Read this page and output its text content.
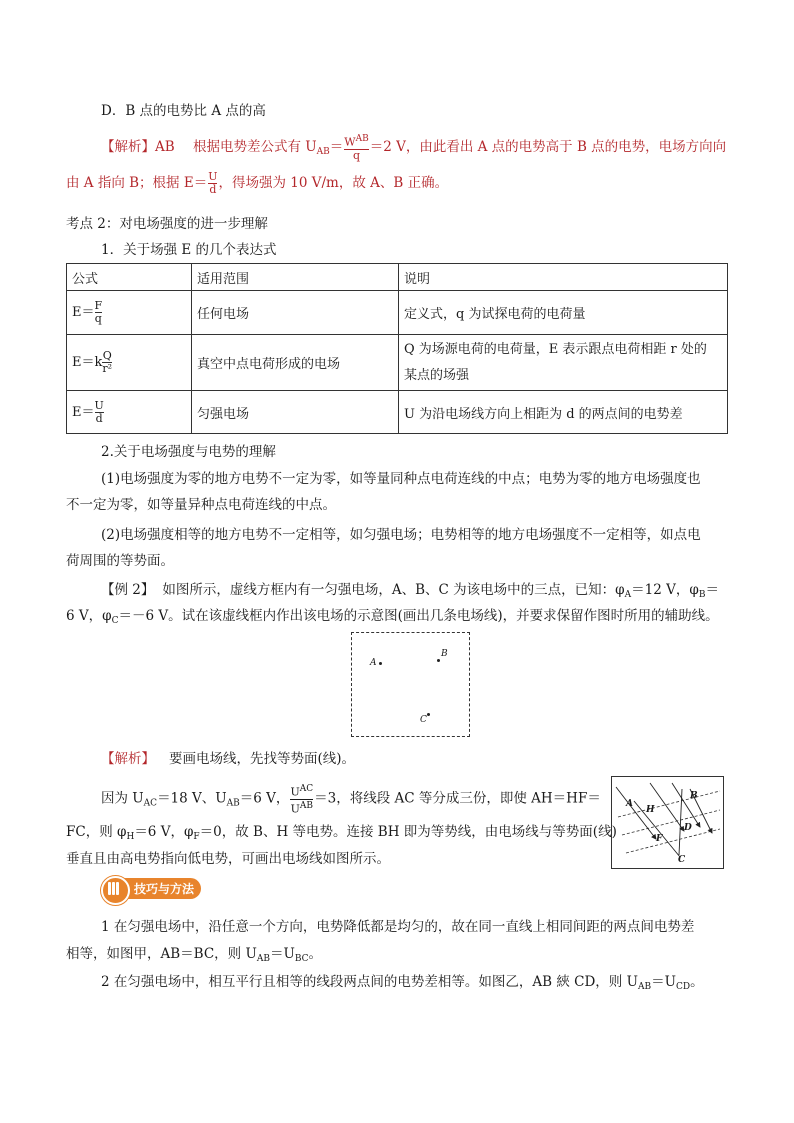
D．B 点的电势比 A 点的高
【解析】AB 根据电势差公式有 $U_{AB}= \frac{W^{AB}}{q} =2$ V，由此看出 A 点的电势高于 B 点的电势，电场方向向
由 A 指向 B；根据 $E= \frac{U}{d}$ ，得场强为 10 V/m，故 A、B 正确。
考点 2：对电场强度的进一步理解
1．关于场强 E 的几个表达式
公式	适用范围	说明
$E= \frac{F}{q}$	任何电场	定义式，q 为试探电荷的电荷量
$E=k \frac{Q}{\text{r²}}$	真空中点电荷形成的电场	Q 为场源电荷的电荷量，E 表示跟点电荷相距 r 处的
某点的场强
$E= \frac{U}{d}$	匀强电场	U 为沿电场线方向上相距为 d 的两点间的电势差
2.关于电场强度与电势的理解
(1)电场强度为零的地方电势不一定为零，如等量同种点电荷连线的中点；电势为零的地方电场强度也
不一定为零，如等量异种点电荷连线的中点。
(2)电场强度相等的地方电势不一定相等，如匀强电场；电势相等的地方电场强度不一定相等，如点电
荷周围的等势面。
【例 2】 如图所示，虚线方框内有一匀强电场，A、B、C 为该电场中的三点，已知：$\varphi_A=12$ V，$\varphi_B=$
6 V，$\varphi_C=-6$ V。试在该虚线框内作出该电场的示意图(画出几条电场线)，并要求保留作图时所用的辅助线。
A
B
C
【解析】 要画电场线，先找等势面(线)。
因为 $U_{AC}=18$ V、$U_{AB}=6$ V， $\frac{U^{AC}}{U^{AB}} =3$，将线段 AC 等分成三份，即使 AH＝HF＝
FC，则 $\varphi_H=6$ V，$\varphi_F=0$，故 B、H 等电势。连接 BH 即为等势线，由电场线与等势面(线)
垂直且由高电势指向低电势，可画出电场线如图所示。
A
H
B
D
F
C
技巧与方法
1 在匀强电场中，沿任意一个方向，电势降低都是均匀的，故在同一直线上相同间距的两点间电势差
相等，如图甲，AB＝BC，则 $U_{AB}=U_{BC}$。
2 在匀强电场中，相互平行且相等的线段两点间的电势差相等。如图乙，AB 綊 CD，则 $U_{AB}=U_{CD}$。
